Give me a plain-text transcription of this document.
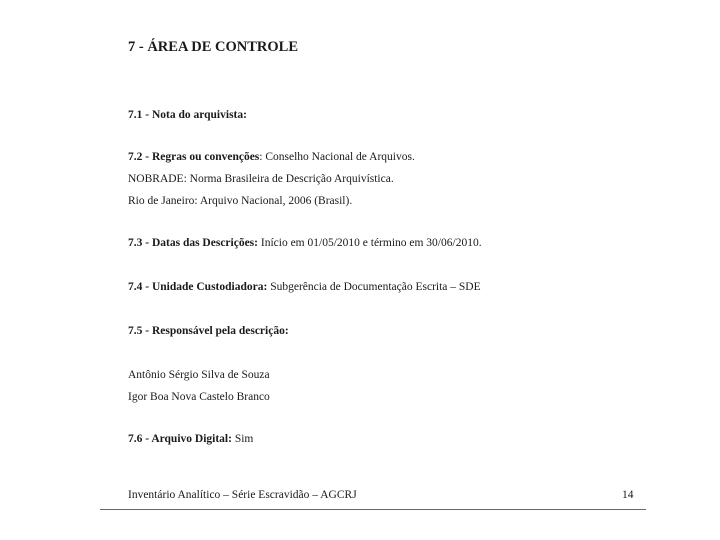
7 - ÁREA DE CONTROLE
7.1 - Nota do arquivista:
7.2 - Regras ou convenções: Conselho Nacional de Arquivos.
NOBRADE: Norma Brasileira de Descrição Arquivística.
Rio de Janeiro: Arquivo Nacional, 2006 (Brasil).
7.3 - Datas das Descrições: Início em 01/05/2010 e término em 30/06/2010.
7.4 - Unidade Custodiadora: Subgerência de Documentação Escrita – SDE
7.5 - Responsável pela descrição:
Antônio Sérgio Silva de Souza
Igor Boa Nova Castelo Branco
7.6 - Arquivo Digital: Sim
Inventário Analítico – Série Escravidão – AGCRJ	14
